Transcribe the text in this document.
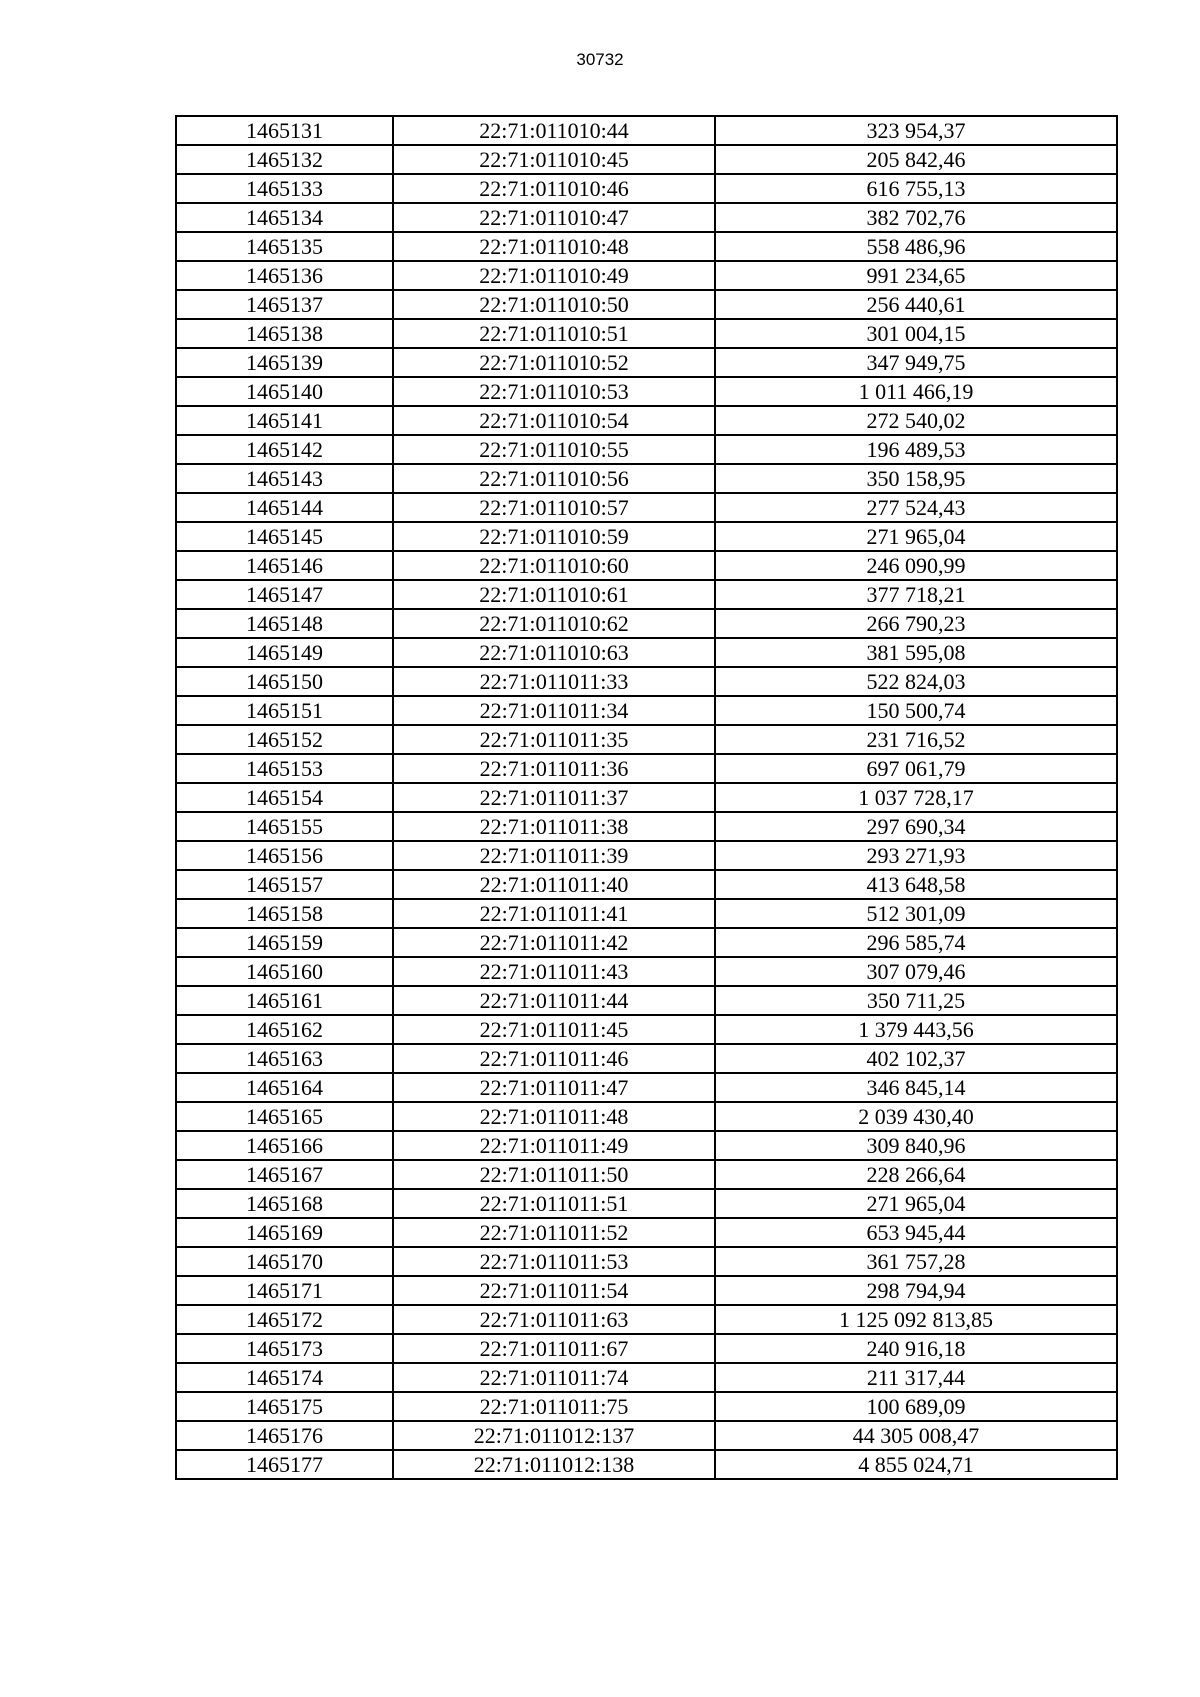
30732
1465131	22:71:011010:44	323 954,37
1465132	22:71:011010:45	205 842,46
1465133	22:71:011010:46	616 755,13
1465134	22:71:011010:47	382 702,76
1465135	22:71:011010:48	558 486,96
1465136	22:71:011010:49	991 234,65
1465137	22:71:011010:50	256 440,61
1465138	22:71:011010:51	301 004,15
1465139	22:71:011010:52	347 949,75
1465140	22:71:011010:53	1 011 466,19
1465141	22:71:011010:54	272 540,02
1465142	22:71:011010:55	196 489,53
1465143	22:71:011010:56	350 158,95
1465144	22:71:011010:57	277 524,43
1465145	22:71:011010:59	271 965,04
1465146	22:71:011010:60	246 090,99
1465147	22:71:011010:61	377 718,21
1465148	22:71:011010:62	266 790,23
1465149	22:71:011010:63	381 595,08
1465150	22:71:011011:33	522 824,03
1465151	22:71:011011:34	150 500,74
1465152	22:71:011011:35	231 716,52
1465153	22:71:011011:36	697 061,79
1465154	22:71:011011:37	1 037 728,17
1465155	22:71:011011:38	297 690,34
1465156	22:71:011011:39	293 271,93
1465157	22:71:011011:40	413 648,58
1465158	22:71:011011:41	512 301,09
1465159	22:71:011011:42	296 585,74
1465160	22:71:011011:43	307 079,46
1465161	22:71:011011:44	350 711,25
1465162	22:71:011011:45	1 379 443,56
1465163	22:71:011011:46	402 102,37
1465164	22:71:011011:47	346 845,14
1465165	22:71:011011:48	2 039 430,40
1465166	22:71:011011:49	309 840,96
1465167	22:71:011011:50	228 266,64
1465168	22:71:011011:51	271 965,04
1465169	22:71:011011:52	653 945,44
1465170	22:71:011011:53	361 757,28
1465171	22:71:011011:54	298 794,94
1465172	22:71:011011:63	1 125 092 813,85
1465173	22:71:011011:67	240 916,18
1465174	22:71:011011:74	211 317,44
1465175	22:71:011011:75	100 689,09
1465176	22:71:011012:137	44 305 008,47
1465177	22:71:011012:138	4 855 024,71
